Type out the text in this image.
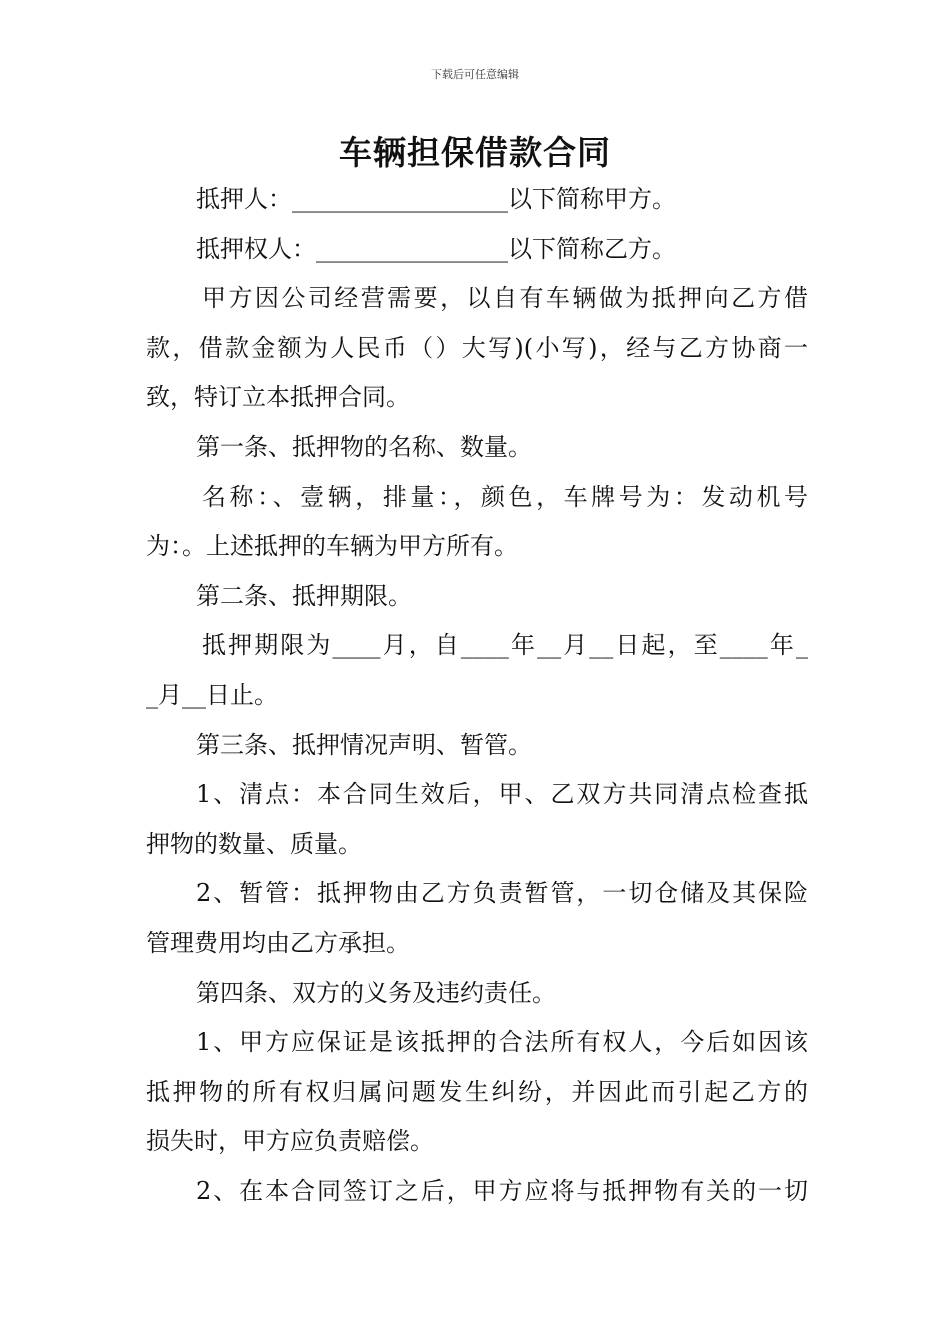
下载后可任意编辑
车辆担保借款合同
抵押人：__________________以下简称甲方。
抵押权人：________________以下简称乙方。
甲方因公司经营需要，以自有车辆做为抵押向乙方借
款，借款金额为人民币（）大写)(小写)，经与乙方协商一
致，特订立本抵押合同。
第一条、抵押物的名称、数量。
名称：、壹辆，排量：，颜色，车牌号为：发动机号
为：。上述抵押的车辆为甲方所有。
第二条、抵押期限。
抵押期限为____月，自____年__月__日起，至____年_
_月__日止。
第三条、抵押情况声明、暂管。
1、清点：本合同生效后，甲、乙双方共同清点检查抵
押物的数量、质量。
2、暂管：抵押物由乙方负责暂管，一切仓储及其保险
管理费用均由乙方承担。
第四条、双方的义务及违约责任。
1、甲方应保证是该抵押的合法所有权人，今后如因该
抵押物的所有权归属问题发生纠纷，并因此而引起乙方的
损失时，甲方应负责赔偿。
2、在本合同签订之后，甲方应将与抵押物有关的一切
